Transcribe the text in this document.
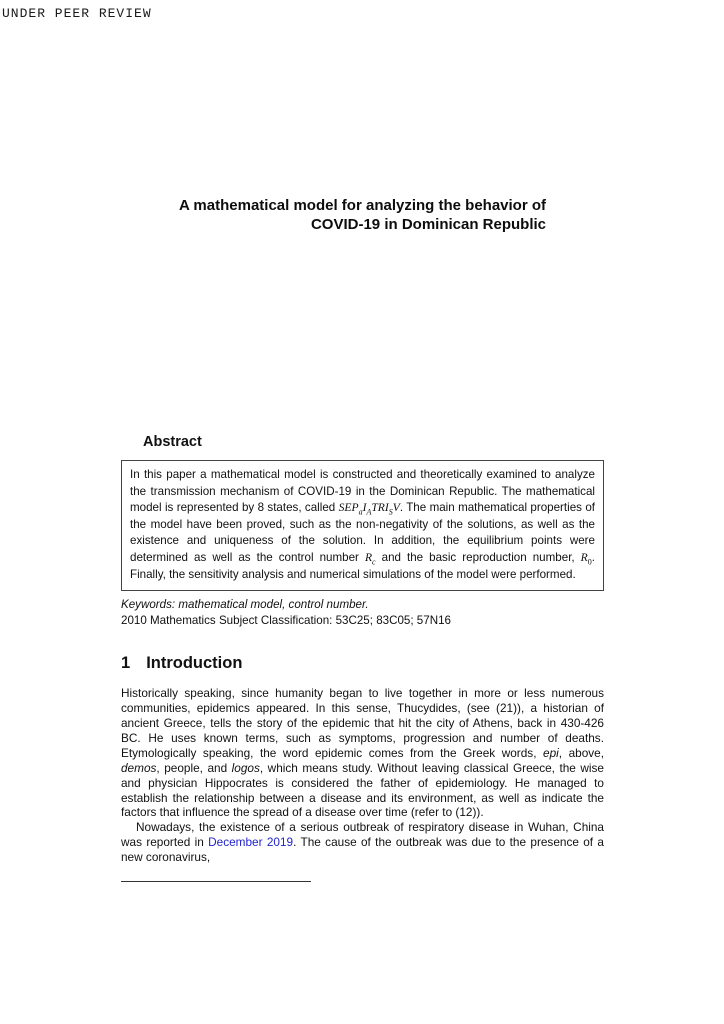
UNDER PEER REVIEW
A mathematical model for analyzing the behavior of
COVID-19 in Dominican Republic
Abstract
In this paper a mathematical model is constructed and theoretically examined to analyze the transmission mechanism of COVID-19 in the Dominican Republic. The mathematical model is represented by 8 states, called $SEP_aI_ATRI_SV$. The main mathematical properties of the model have been proved, such as the non-negativity of the solutions, as well as the existence and uniqueness of the solution. In addition, the equilibrium points were determined as well as the control number $R_c$ and the basic reproduction number, $R_0$. Finally, the sensitivity analysis and numerical simulations of the model were performed.

Keywords: mathematical model, control number.

2010 Mathematics Subject Classification: 53C25; 83C05; 57N16

1 Introduction

Historically speaking, since humanity began to live together in more or less numerous communities, epidemics appeared. In this sense, Thucydides, (see (21)), a historian of ancient Greece, tells the story of the epidemic that hit the city of Athens, back in 430-426 BC. He uses known terms, such as symptoms, progression and number of deaths. Etymologically speaking, the word epidemic comes from the Greek words, epi, above, demos, people, and logos, which means study. Without leaving classical Greece, the wise and physician Hippocrates is considered the father of epidemiology. He managed to establish the relationship between a disease and its environment, as well as indicate the factors that influence the spread of a disease over time (refer to (12)).

Nowadays, the existence of a serious outbreak of respiratory disease in Wuhan, China was reported in December 2019. The cause of the outbreak was due to the presence of a new coronavirus,
